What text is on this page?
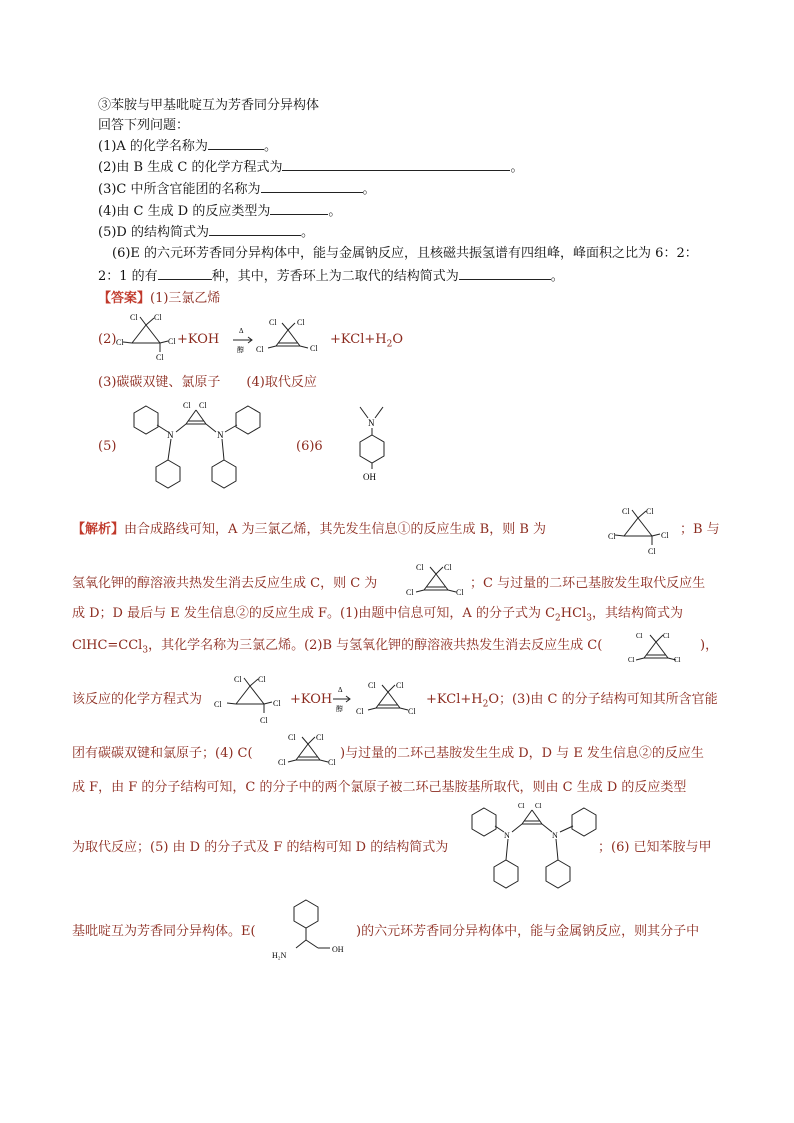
③苯胺与甲基吡啶互为芳香同分异构体
回答下列问题：
(1)A 的化学名称为	。
(2)由 B 生成 C 的化学方程式为	。
(3)C 中所含官能团的名称为	。
(4)由 C 生成 D 的反应类型为	。
(5)D 的结构简式为	。
(6)E 的六元环芳香同分异构体中，能与金属钠反应，且核磁共振氢谱有四组峰，峰面积之比为 6：2：
2：1 的有	种，其中，芳香环上为二取代的结构简式为	。
【答案】(1)三氯乙烯
(2)
Cl Cl
Cl	Cl
Cl
+KOH
Δ
醇
Cl	Cl
Cl	Cl
$+KCl+H_2O$
(3)碳碳双键、氯原子 (4)取代反应
(5)
Cl Cl
N	N
(6)6
N
OH
【解析】由合成路线可知，A 为三氯乙烯，其先发生信息①的反应生成 B，则 B 为
Cl Cl
Cl	Cl
Cl
；B 与
氢氧化钾的醇溶液共热发生消去反应生成 C，则 C 为
Cl	Cl
Cl	Cl
；C 与过量的二环己基胺发生取代反应生
成 D；D 最后与 E 发生信息②的反应生成 F。(1)由题中信息可知，A 的分子式为 $C_2HCl_3$，其结构简式为
ClHC=CCl$_3$，其化学名称为三氯乙烯。(2)B 与氢氧化钾的醇溶液共热发生消去反应生成 C(
Cl	Cl
Cl	Cl
)，
该反应的化学方程式为
Cl Cl
Cl	Cl
Cl
+KOH
Δ
醇
Cl	Cl
Cl	Cl
$+KCl+H_2O$；(3)由 C 的分子结构可知其所含官能
团有碳碳双键和氯原子；(4) C(
Cl	Cl
Cl	Cl
)与过量的二环己基胺发生生成 D，D 与 E 发生信息②的反应生
成 F，由 F 的分子结构可知，C 的分子中的两个氯原子被二环己基胺基所取代，则由 C 生成 D 的反应类型
为取代反应；(5) 由 D 的分子式及 F 的结构可知 D 的结构简式为
Cl Cl
N	N
；(6) 已知苯胺与甲
基吡啶互为芳香同分异构体。E(
H₂N
OH
)的六元环芳香同分异构体中，能与金属钠反应，则其分子中
